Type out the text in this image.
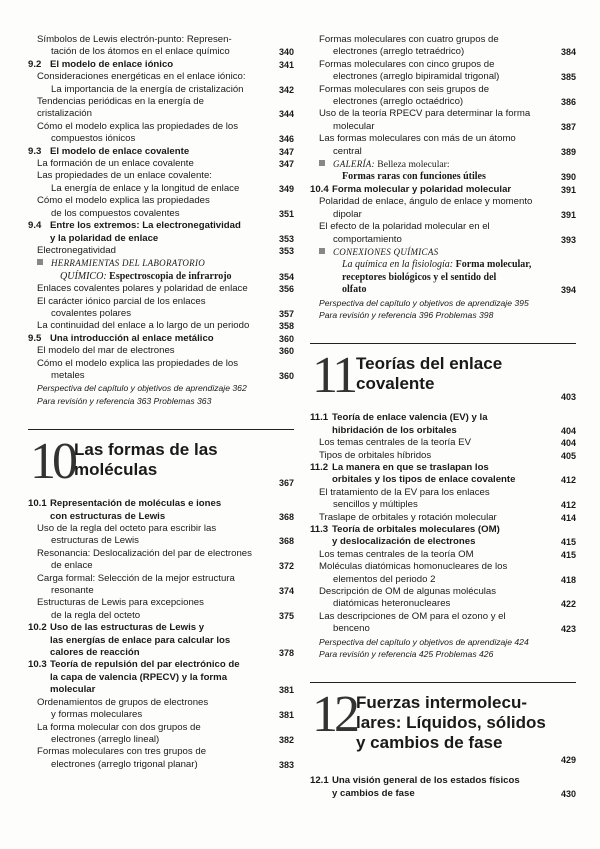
Símbolos de Lewis electrón-punto: Represen-
tación de los átomos en el enlace químico	340
9.2 El modelo de enlace iónico	341
Consideraciones energéticas en el enlace iónico:
La importancia de la energía de cristalización	342
Tendencias periódicas en la energía de cristalización	344
Cómo el modelo explica las propiedades de los
compuestos iónicos	346
9.3 El modelo de enlace covalente	347
La formación de un enlace covalente	347
Las propiedades de un enlace covalente:
La energía de enlace y la longitud de enlace	349
Cómo el modelo explica las propiedades
de los compuestos covalentes	351
9.4 Entre los extremos: La electronegatividad
y la polaridad de enlace	353
Electronegatividad	353
HERRAMIENTAS DEL LABORATORIO
QUÍMICO: Espectroscopia de infrarrojo	354
Enlaces covalentes polares y polaridad de enlace	356
El carácter iónico parcial de los enlaces
covalentes polares	357
La continuidad del enlace a lo largo de un periodo	358
9.5 Una introducción al enlace metálico	360
El modelo del mar de electrones	360
Cómo el modelo explica las propiedades de los
metales	360
Perspectiva del capítulo y objetivos de aprendizaje 362
Para revisión y referencia 363 Problemas 363
10 Las formas de las
moléculas

367
10.1 Representación de moléculas e iones
con estructuras de Lewis	368
Uso de la regla del octeto para escribir las
estructuras de Lewis	368
Resonancia: Deslocalización del par de electrones
de enlace	372
Carga formal: Selección de la mejor estructura
resonante	374
Estructuras de Lewis para excepciones
de la regla del octeto	375
10.2 Uso de las estructuras de Lewis y
las energías de enlace para calcular los calores de reacción	378
10.3 Teoría de repulsión del par electrónico de
la capa de valencia (RPECV) y la forma molecular	381
Ordenamientos de grupos de electrones
y formas moleculares	381
La forma molecular con dos grupos de
electrones (arreglo lineal)	382
Formas moleculares con tres grupos de
electrones (arreglo trigonal planar)	383
Formas moleculares con cuatro grupos de
electrones (arreglo tetraédrico)	384
Formas moleculares con cinco grupos de
electrones (arreglo bipiramidal trigonal)	385
Formas moleculares con seis grupos de
electrones (arreglo octaédrico)	386
Uso de la teoría RPECV para determinar la forma
molecular	387
Las formas moleculares con más de un átomo
central	389
GALERÍA: Belleza molecular:
Formas raras con funciones útiles	390
10.4 Forma molecular y polaridad molecular	391
Polaridad de enlace, ángulo de enlace y momento
dipolar	391
El efecto de la polaridad molecular en el
comportamiento	393
CONEXIONES QUÍMICAS
La química en la fisiología: Forma molecular,
receptores biológicos y el sentido del
olfato	394
Perspectiva del capítulo y objetivos de aprendizaje 395
Para revisión y referencia 396 Problemas 398
11 Teorías del enlace
covalente

403
11.1 Teoría de enlace valencia (EV) y la
hibridación de los orbitales	404
Los temas centrales de la teoría EV	404
Tipos de orbitales híbridos	405
11.2 La manera en que se traslapan los
orbitales y los tipos de enlace covalente	412
El tratamiento de la EV para los enlaces
sencillos y múltiples	412
Traslape de orbitales y rotación molecular	414
11.3 Teoría de orbitales moleculares (OM)
y deslocalización de electrones	415
Los temas centrales de la teoría OM	415
Moléculas diatómicas homonucleares de los
elementos del periodo 2	418
Descripción de OM de algunas moléculas
diatómicas heteronucleares	422
Las descripciones de OM para el ozono y el
benceno	423
Perspectiva del capítulo y objetivos de aprendizaje 424
Para revisión y referencia 425 Problemas 426
12 Fuerzas intermolecu-
lares: Líquidos, sólidos
y cambios de fase

429
12.1 Una visión general de los estados físicos
y cambios de fase	430
